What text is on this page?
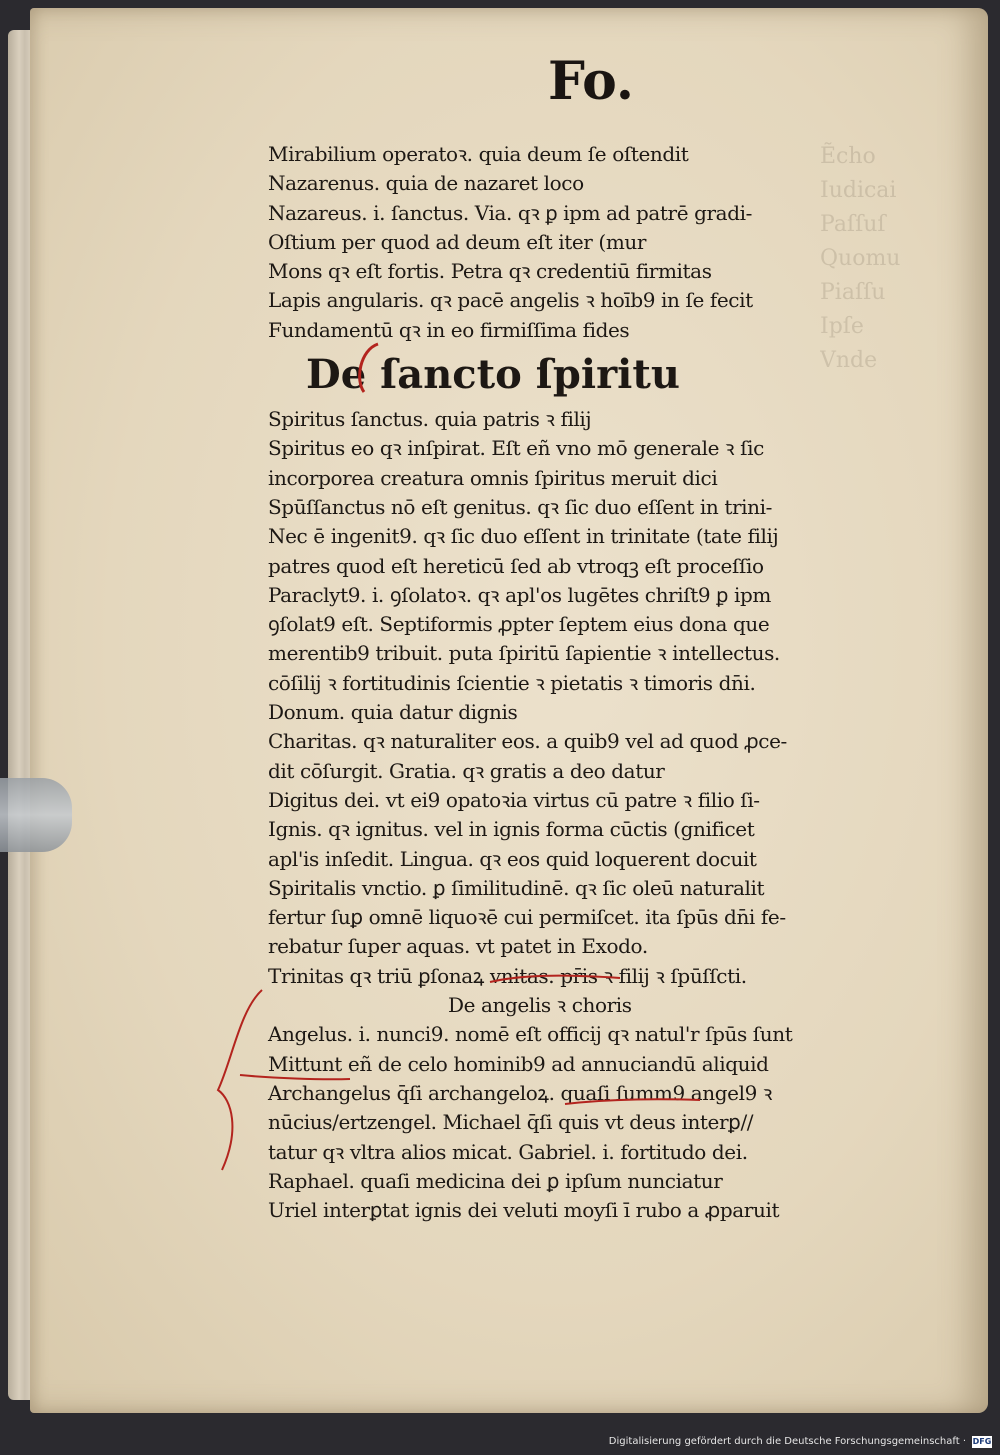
Fo.
Mirabilium operatoꝛ. quia deum ſe oſtendit
Nazarenus. quia de nazaret loco
Nazareus. i. ſanctus. Via. qꝛ ꝑ ipm ad patrē gradi-
Oſtium per quod ad deum eſt iter (mur
Mons qꝛ eſt fortis. Petra qꝛ credentiū firmitas
Lapis angularis. qꝛ pacē angelis ꝛ hoīb9 in ſe fecit
Fundamentū qꝛ in eo firmiſſima fides
De ſancto ſpiritu
Spiritus ſanctus. quia patris ꝛ filij
Spiritus eo qꝛ inſpirat. Eſt eñ vno mō generale ꝛ ſic
incorporea creatura omnis ſpiritus meruit dici
Spūſſanctus nō eſt genitus. qꝛ ſic duo eſſent in trini-
Nec ē ingenit9. qꝛ ſic duo eſſent in trinitate (tate filij
patres quod eſt hereticū ſed ab vtroqꝫ eſt proceſſio
Paraclyt9. i. ꝯſolatoꝛ. qꝛ apl'os lugētes chriſt9 ꝑ ipm
ꝯſolat9 eſt. Septiformis ꝓpter ſeptem eius dona que
merentib9 tribuit. puta ſpiritū ſapientie ꝛ intellectus.
cōſilij ꝛ fortitudinis ſcientie ꝛ pietatis ꝛ timoris dn̄i.
Donum. quia datur dignis
Charitas. qꝛ naturaliter eos. a quib9 vel ad quod ꝓce-
dit cōſurgit. Gratia. qꝛ gratis a deo datur
Digitus dei. vt ei9 opatoꝛia virtus cū patre ꝛ filio ſi-
Ignis. qꝛ ignitus. vel in ignis forma cūctis (gnificet
apl'is inſedit. Lingua. qꝛ eos quid loquerent docuit
Spiritalis vnctio. ꝑ ſimilitudinē. qꝛ ſic oleū naturalit
fertur ſuꝑ omnē liquoꝛē cui permiſcet. ita ſpūs dn̄i fe-
rebatur ſuper aquas. vt patet in Exodo.
Trinitas qꝛ triū ꝑſonaꝝ vnitas. pr̄is ꝛ filij ꝛ ſpūſſcti.
De angelis ꝛ choris
Angelus. i. nunci9. nomē eſt officij qꝛ natul'r ſpūs ſunt
Mittunt eñ de celo hominib9 ad annuciandū aliquid
Archangelus q̄ſi archangeloꝝ. quaſi ſumm9 angel9 ꝛ
nūcius/ertzengel. Michael q̄ſi quis vt deus interꝑ//
tatur qꝛ vltra alios micat. Gabriel. i. fortitudo dei.
Raphael. quaſi medicina dei ꝑ ipſum nunciatur
Uriel interꝑtat ignis dei veluti moyſi ī rubo a ꝓparuit
Digitalisierung gefördert durch die Deutsche Forschungsgemeinschaft · DFG
